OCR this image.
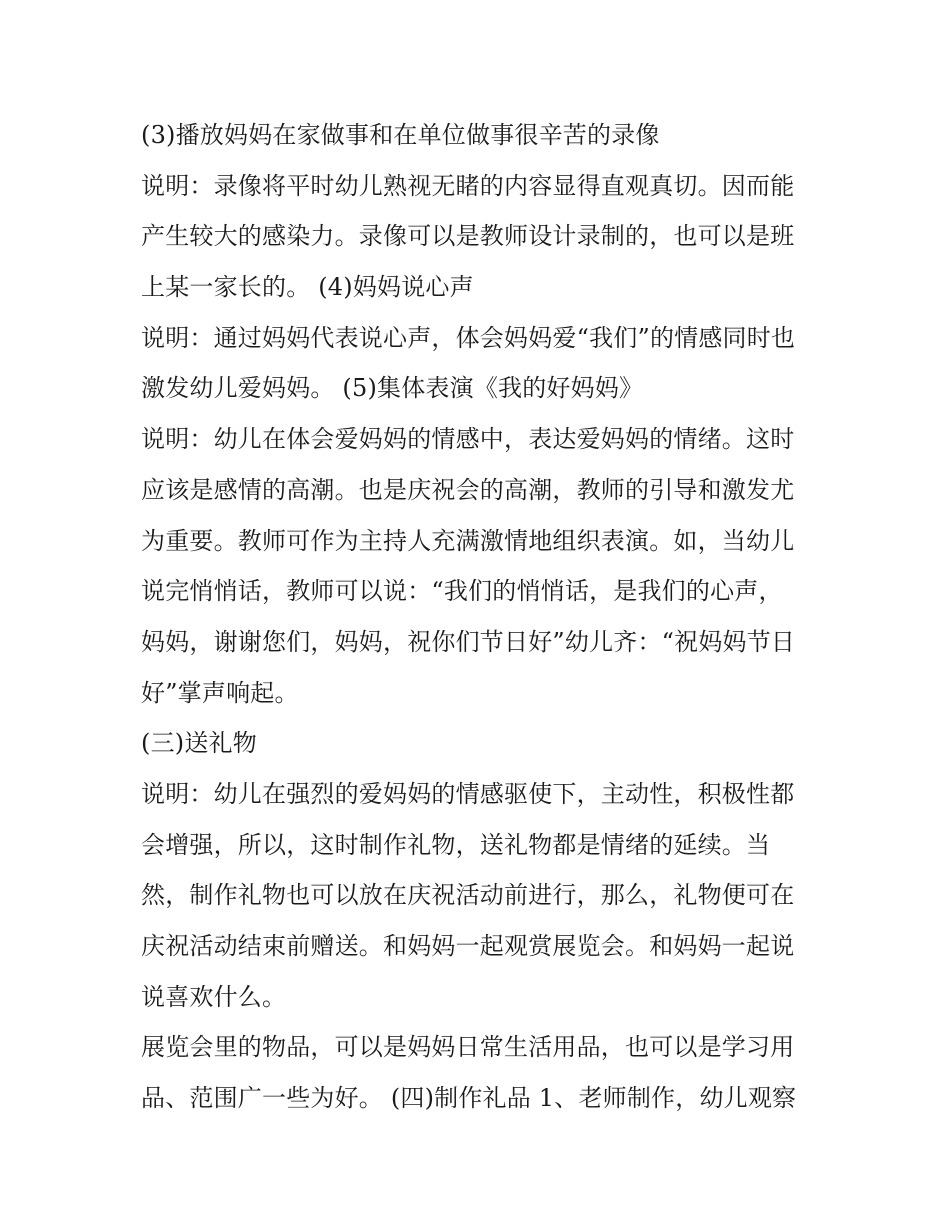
(3)播放妈妈在家做事和在单位做事很辛苦的录像
说明：录像将平时幼儿熟视无睹的内容显得直观真切。因而能
产生较大的感染力。录像可以是教师设计录制的，也可以是班
上某一家长的。 (4)妈妈说心声
说明：通过妈妈代表说心声，体会妈妈爱“我们”的情感同时也
激发幼儿爱妈妈。 (5)集体表演《我的好妈妈》
说明：幼儿在体会爱妈妈的情感中，表达爱妈妈的情绪。这时
应该是感情的高潮。也是庆祝会的高潮，教师的引导和激发尤
为重要。教师可作为主持人充满激情地组织表演。如，当幼儿
说完悄悄话，教师可以说：“我们的悄悄话，是我们的心声，
妈妈，谢谢您们，妈妈，祝你们节日好”幼儿齐：“祝妈妈节日
好”掌声响起。
(三)送礼物
说明：幼儿在强烈的爱妈妈的情感驱使下，主动性，积极性都
会增强，所以，这时制作礼物，送礼物都是情绪的延续。当
然，制作礼物也可以放在庆祝活动前进行，那么，礼物便可在
庆祝活动结束前赠送。和妈妈一起观赏展览会。和妈妈一起说
说喜欢什么。
展览会里的物品，可以是妈妈日常生活用品，也可以是学习用
品、范围广一些为好。 (四)制作礼品 1、老师制作，幼儿观察
